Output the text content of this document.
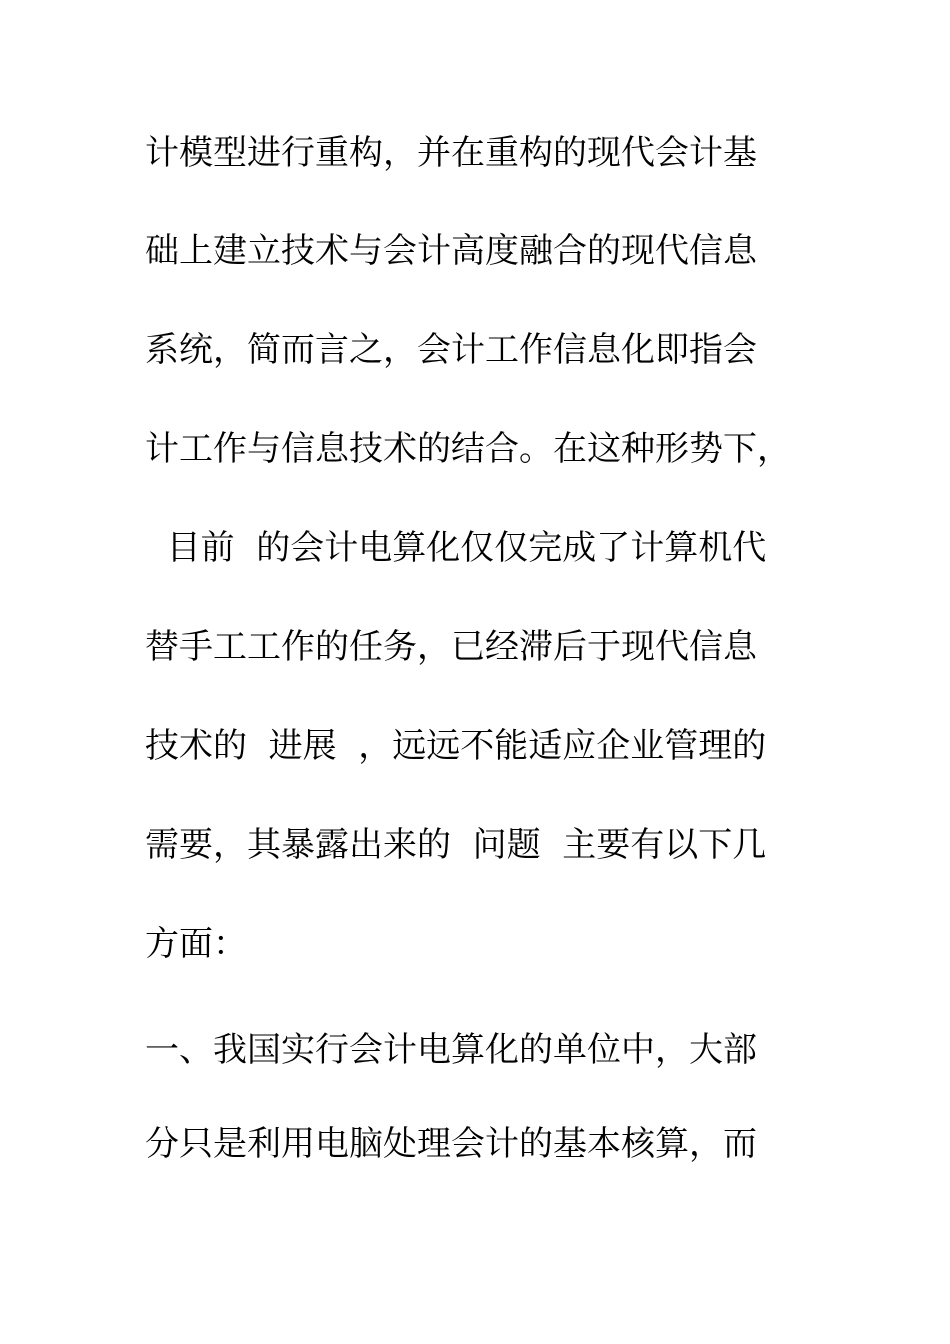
计模型进行重构，并在重构的现代会计基
础上建立技术与会计高度融合的现代信息
系统，简而言之，会计工作信息化即指会
计工作与信息技术的结合。在这种形势下，
目前  的会计电算化仅仅完成了计算机代
替手工工作的任务，已经滞后于现代信息
技术的  进展  ，远远不能适应企业管理的
需要，其暴露出来的  问题  主要有以下几
方面：
一、我国实行会计电算化的单位中，大部
分只是利用电脑处理会计的基本核算，而
